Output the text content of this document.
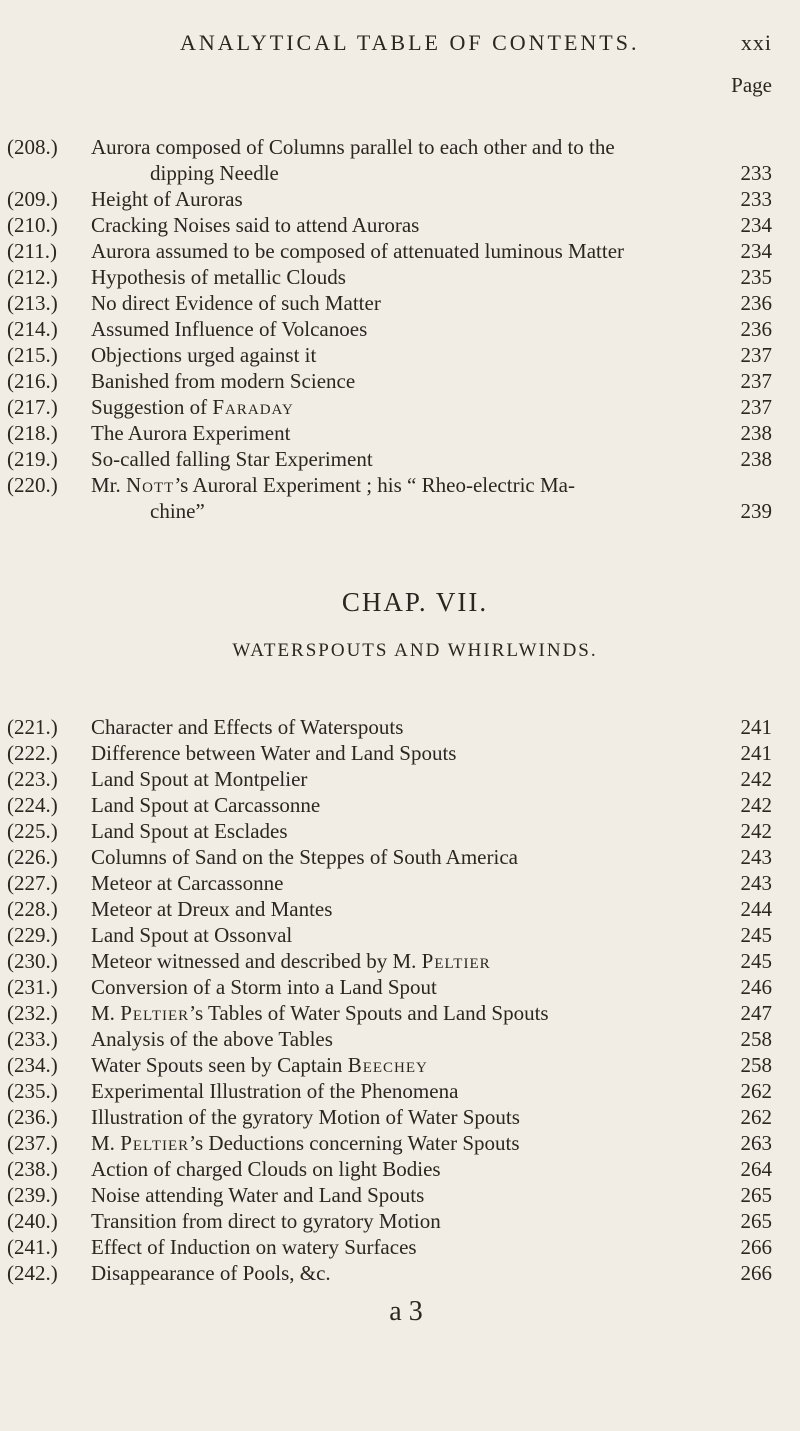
ANALYTICAL TABLE OF CONTENTS.	xxi
Page
(208.) Aurora composed of Columns parallel to each other and to the
dipping Needle	233
(209.) Height of Auroras	233
(210.) Cracking Noises said to attend Auroras	234
(211.) Aurora assumed to be composed of attenuated luminous Matter	234
(212.) Hypothesis of metallic Clouds	235
(213.) No direct Evidence of such Matter	236
(214.) Assumed Influence of Volcanoes	236
(215.) Objections urged against it	237
(216.) Banished from modern Science	237
(217.) Suggestion of Faraday	237
(218.) The Aurora Experiment	238
(219.) So-called falling Star Experiment	238
(220.) Mr. Nott’s Auroral Experiment ; his “ Rheo-electric Ma-
chine”	239
CHAP. VII.
WATERSPOUTS AND WHIRLWINDS.
(221.) Character and Effects of Waterspouts	241
(222.) Difference between Water and Land Spouts	241
(223.) Land Spout at Montpelier	242
(224.) Land Spout at Carcassonne	242
(225.) Land Spout at Esclades	242
(226.) Columns of Sand on the Steppes of South America	243
(227.) Meteor at Carcassonne	243
(228.) Meteor at Dreux and Mantes	244
(229.) Land Spout at Ossonval	245
(230.) Meteor witnessed and described by M. Peltier	245
(231.) Conversion of a Storm into a Land Spout	246
(232.) M. Peltier’s Tables of Water Spouts and Land Spouts	247
(233.) Analysis of the above Tables	258
(234.) Water Spouts seen by Captain Beechey	258
(235.) Experimental Illustration of the Phenomena	262
(236.) Illustration of the gyratory Motion of Water Spouts	262
(237.) M. Peltier’s Deductions concerning Water Spouts	263
(238.) Action of charged Clouds on light Bodies	264
(239.) Noise attending Water and Land Spouts	265
(240.) Transition from direct to gyratory Motion	265
(241.) Effect of Induction on watery Surfaces	266
(242.) Disappearance of Pools, &c.	266
a 3
